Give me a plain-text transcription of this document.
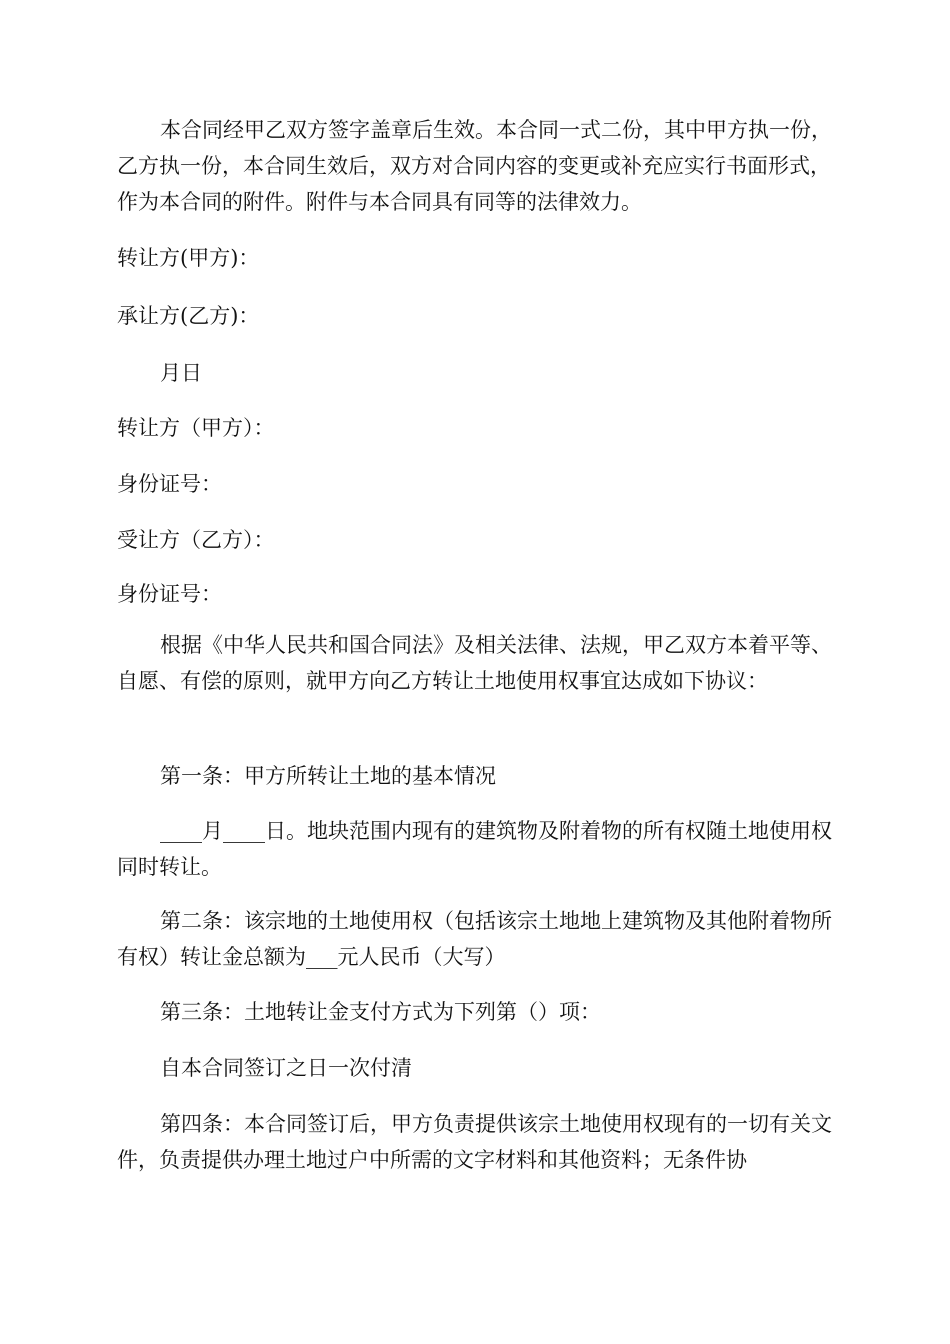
本合同经甲乙双方签字盖章后生效。本合同一式二份，其中甲方执一份，乙方执一份，本合同生效后，双方对合同内容的变更或补充应实行书面形式，作为本合同的附件。附件与本合同具有同等的法律效力。

转让方(甲方)：

承让方(乙方)：

月日

转让方（甲方）：

身份证号：

受让方（乙方）：

身份证号：

根据《中华人民共和国合同法》及相关法律、法规，甲乙双方本着平等、自愿、有偿的原则，就甲方向乙方转让土地使用权事宜达成如下协议：

第一条：甲方所转让土地的基本情况

____月____日。地块范围内现有的建筑物及附着物的所有权随土地使用权同时转让。

第二条：该宗地的土地使用权（包括该宗土地地上建筑物及其他附着物所有权）转让金总额为___元人民币（大写）

第三条：土地转让金支付方式为下列第（）项：

自本合同签订之日一次付清

第四条：本合同签订后，甲方负责提供该宗土地使用权现有的一切有关文件，负责提供办理土地过户中所需的文字材料和其他资料；无条件协
